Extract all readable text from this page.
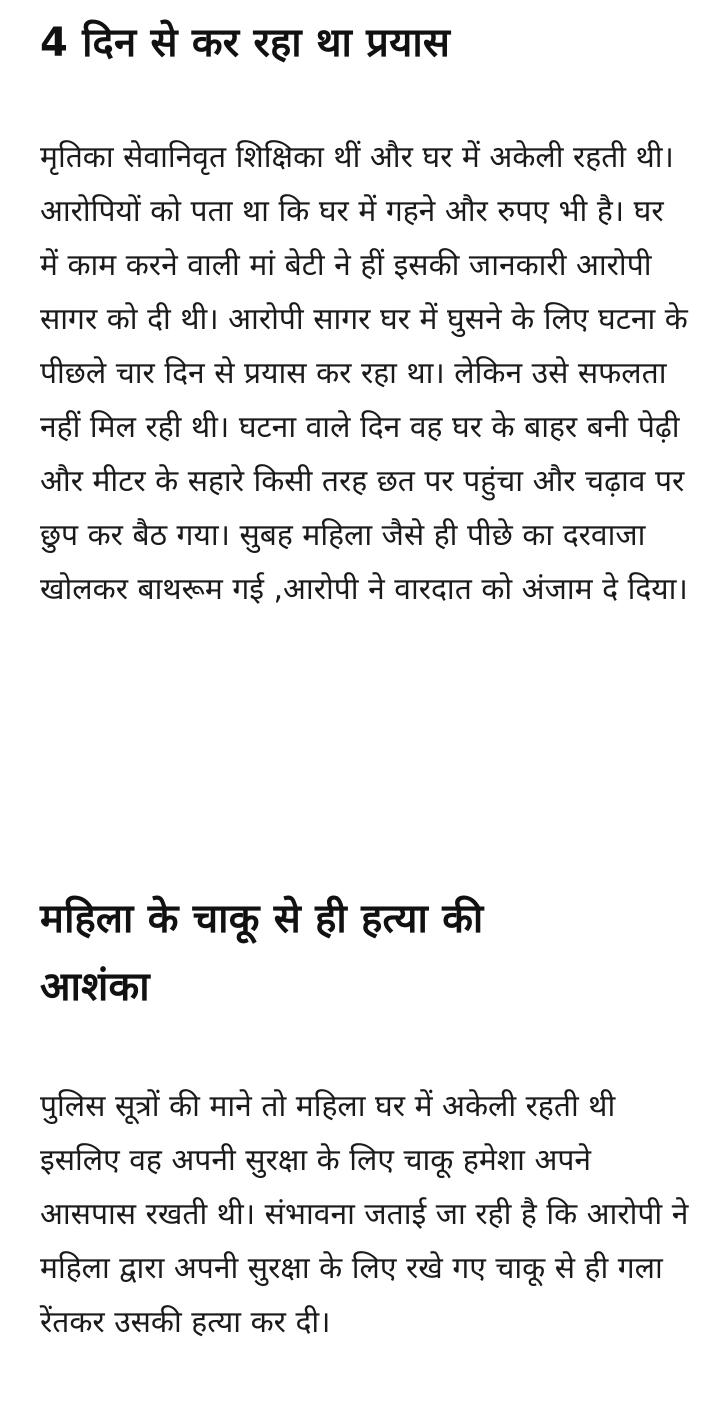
4 दिन से कर रहा था प्रयास

मृतिका सेवानिवृत शिक्षिका थीं और घर में अकेली रहती थी। आरोपियों को पता था कि घर में गहने और रुपए भी है। घर में काम करने वाली मां बेटी ने हीं इसकी जानकारी आरोपी सागर को दी थी। आरोपी सागर घर में घुसने के लिए घटना के पीछले चार दिन से प्रयास कर रहा था। लेकिन उसे सफलता नहीं मिल रही थी। घटना वाले दिन वह घर के बाहर बनी पेढ़ी और मीटर के सहारे किसी तरह छत पर पहुंचा और चढ़ाव पर छुप कर बैठ गया। सुबह महिला जैसे ही पीछे का दरवाजा खोलकर बाथरूम गई ,आरोपी ने वारदात को अंजाम दे दिया।

महिला के चाकू से ही हत्या की आशंका

पुलिस सूत्रों की माने तो महिला घर में अकेली रहती थी इसलिए वह अपनी सुरक्षा के लिए चाकू हमेशा अपने आसपास रखती थी। संभावना जताई जा रही है कि आरोपी ने महिला द्वारा अपनी सुरक्षा के लिए रखे गए चाकू से ही गला रेंतकर उसकी हत्या कर दी।
